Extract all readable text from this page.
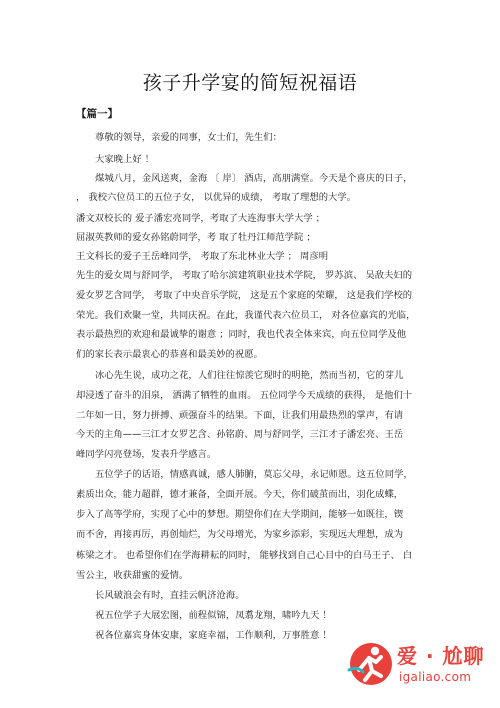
孩子升学宴的简短祝福语
【篇一】
尊敬的领导，亲爱的同事，女士们，先生们：
大家晚上好 ！
煤城八月，金风送爽，金海 〔 岸〕 酒店，高朋满堂。今天是个喜庆的日子，
， 我校六位员工的五位子女， 以优异的成绩， 考取了理想的大学。
潘文双校长的 爱子潘宏亮同学，考取了大连海事大学大学 ；
屈淑英教师的爱女孙铭蔚同学，考 取了牡丹江师范学院 ；
王文科长的爱子王岳峰同学， 考取了东北林业大学 ； 周彦明
先生的爱女周与舒同学， 考取了哈尔滨建筑职业技术学院， 罗苏滨、 吴敌夫妇的
爱女罗艺含同学， 考取了中央音乐学院， 这是五个家庭的荣耀， 这是我们学校的
荣光。我们欢聚一堂，共同庆祝。在此，我谨代表六位员工， 对各位嘉宾的光临，
表示最热烈的欢迎和最诚挚的谢意 ；同时，我也代表全体来宾，向五位同学及他
们的家长表示最衷心的恭喜和最美妙的祝愿。
冰心先生说，成功之花，人们往往惊羡它现时的明艳，然而当初，它的芽儿
却浸透了奋斗的泪泉， 洒满了牺牲的血雨。 五位同学今天成绩的获得， 是他们十
二年如一日，努力拼搏、顽强奋斗的结果。下面，让我们用最热烈的掌声，有请
今天的主角——三江才女罗艺含、孙铭蔚、周与舒同学，三江才子潘宏亮、王岳
峰同学闪亮登场，发表升学感言。
五位学子的话语，情感真诚，感人肺腑，莫忘父母，永记师恩。这五位同学，
素质出众，能力超群，德才兼备，全面开展。今天，你们破茧而出，羽化成蝶，
步入了高等学府，实现了心中的梦想。期望你们在大学期间，能够一如既往，锲
而不舍，再接再厉，再创灿烂，为父母增光，为家乡添彩，实现远大理想，成为
栋梁之才。 也希望你们在学海耕耘的同时， 能够找到自己心目中的白马王子、 白
雪公主，收获甜蜜的爱情。
长风破浪会有时，直挂云帆济沧海。
祝五位学子大展宏图，前程似锦，凤翥龙翔，啸吟九天 ！
祝各位嘉宾身体安康，家庭幸福，工作顺利，万事胜意 ！
爱 · 尬聊
igaliao.com
